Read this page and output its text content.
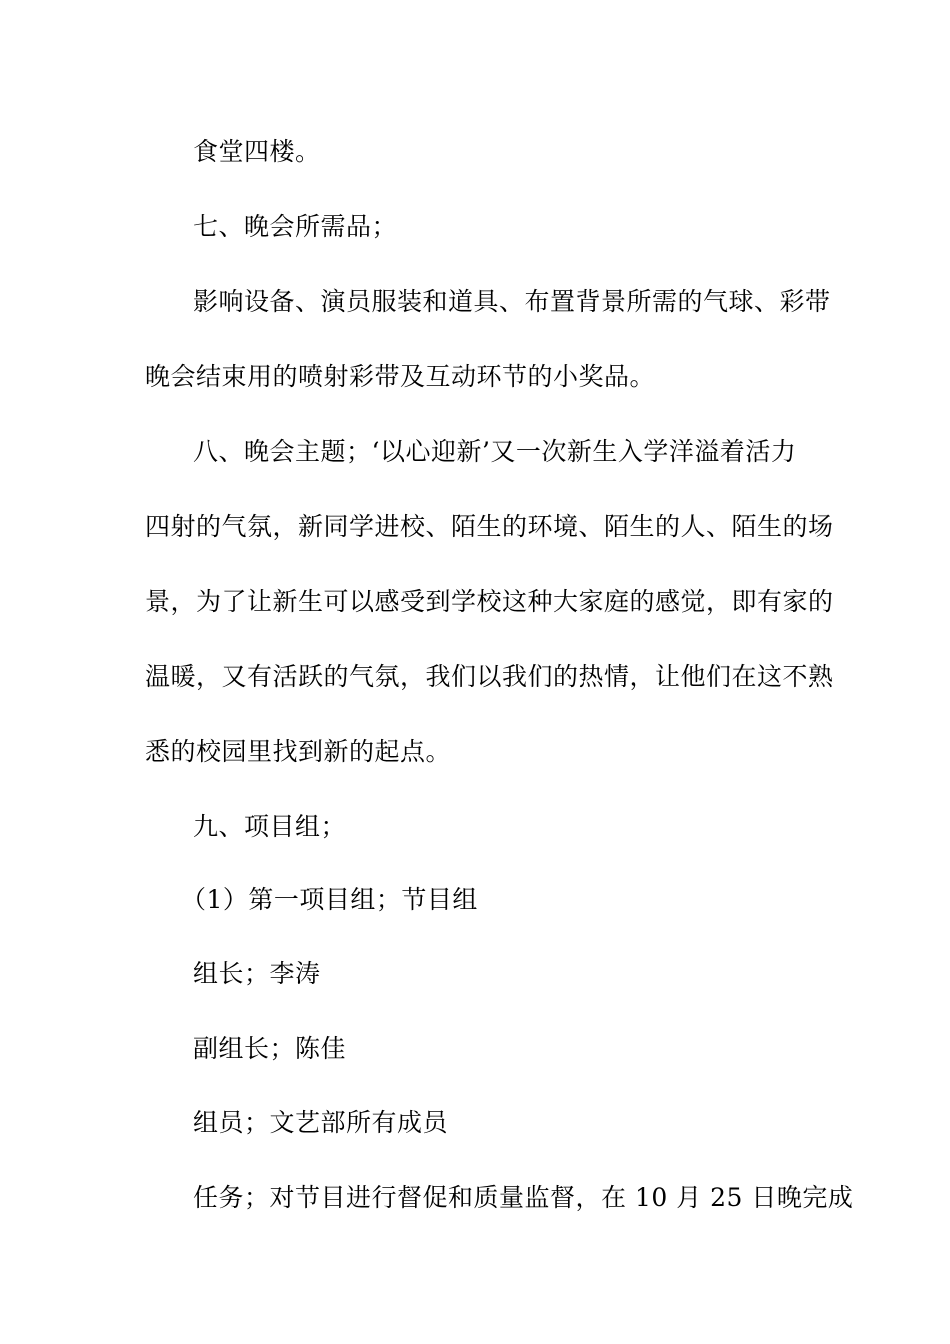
食堂四楼。
七、晚会所需品；
影响设备、演员服装和道具、布置背景所需的气球、彩带
晚会结束用的喷射彩带及互动环节的小奖品。
八、晚会主题；‘以心迎新’又一次新生入学洋溢着活力
四射的气氛，新同学进校、陌生的环境、陌生的人、陌生的场
景，为了让新生可以感受到学校这种大家庭的感觉，即有家的
温暖，又有活跃的气氛，我们以我们的热情，让他们在这不熟
悉的校园里找到新的起点。
九、项目组；
（1）第一项目组；节目组
组长；李涛
副组长；陈佳
组员；文艺部所有成员
任务；对节目进行督促和质量监督，在 10 月 25 日晚完成
